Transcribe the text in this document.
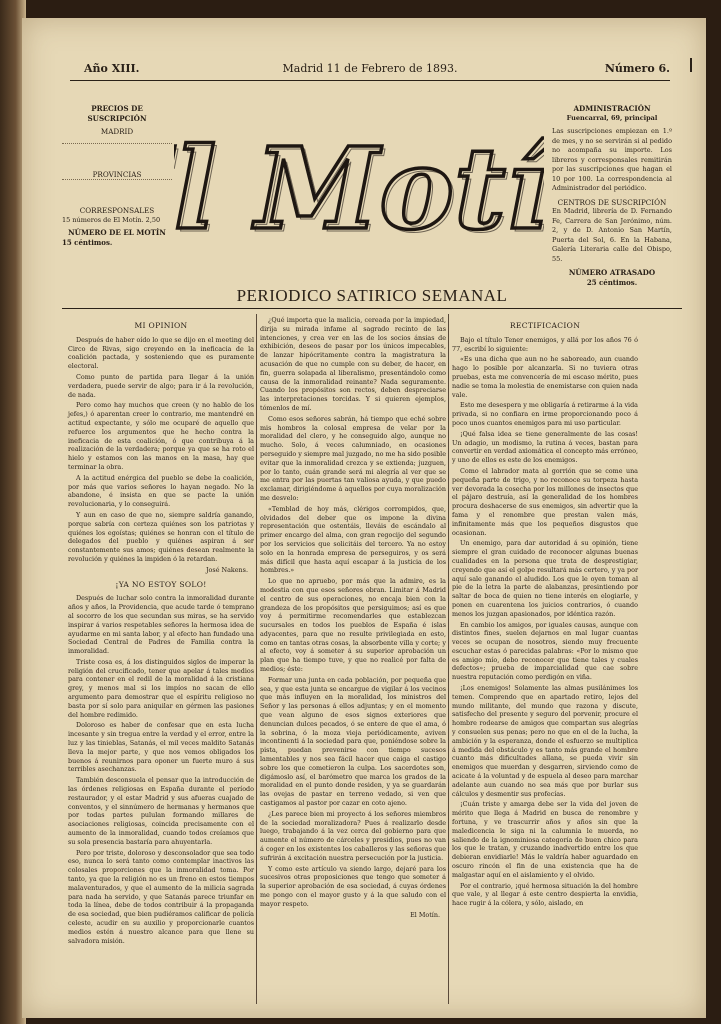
Año XIII.	Madrid 11 de Febrero de 1893.	Número 6.
PRECIOS DE SUSCRIPCIÓN
MADRID
PROVINCIAS
CORRESPONSALES
15 números de El Motín. 2,50
NÚMERO DE EL MOTÍN
15 céntimos. l Motí
l Mot
ADMINISTRACIÓN
Fuencarral, 69, principal
Las suscripciones empiezan en 1.º de mes, y no se servirán si al pedido no acompaña su importe. Los libreros y corresponsales remitirán por las suscripciones que hagan el 10 por 100. La correspondencia al Administrador del periódico.
CENTROS DE SUSCRIPCIÓN
En Madrid, librería de D. Fernando Fe, Carrera de San Jerónimo, núm. 2, y de D. Antonio San Martín, Puerta del Sol, 6. En la Habana, Galería Literaria calle del Obispo, 55.
NÚMERO ATRASADO
25 céntimos.
PERIODICO SATIRICO SEMANAL
MI OPINION

Después de haber oído lo que se dijo en el meeting del Circo de Rivas, sigo creyendo en la ineficacia de la coalición pactada, y sosteniendo que es puramente electoral.

Como punto de partida para llegar á la unión verdadera, puede servir de algo; para ir á la revolución, de nada.

Pero como hay muchos que creen (y no hablo de los jefes,) ó aparentan creer lo contrario, me mantendré en actitud expectante, y sólo me ocuparé de aquello que refuerce los argumentos que he hecho contra la ineficacia de esta coalición, ó que contribuya á la realización de la verdadera; porque ya que se ha roto el hielo y estamos con las manos en la masa, hay que terminar la obra.

A la actitud enérgica del pueblo se debe la coalición, por más que varios señores lo hayan negado. No la abandone, é insista en que se pacte la unión revolucionaria, y lo conseguirá.

Y aun en caso de que no, siempre saldría ganando, porque sabría con certeza quiénes son los patriotas y quiénes los egoístas; quiénes se honran con el título de delegados del pueblo y quiénes aspiran á ser constantemente sus amos; quiénes desean realmente la revolución y quiénes la impiden ó la retardan.

José Nakens.
¡YA NO ESTOY SOLO!

Después de luchar solo contra la inmoralidad durante años y años, la Providencia, que acude tarde ó temprano al socorro de los que secundan sus miras, se ha servido inspirar á varios respetables señores la hermosa idea de ayudarme en mi santa labor, y al efecto han fundado una Sociedad Central de Padres de Familia contra la inmoralidad.

Triste cosa es, á los distinguidos siglos de imperar la religión del crucificado, tener que apelar á tales medios para contener en el redil de la moralidad á la cristiana grey, y menos mal si los impíos no sacan de ello argumento para demostrar que el espíritu religioso no basta por sí solo para aniquilar en gérmen las pasiones del hombre redimido.

Doloroso es haber de confesar que en esta lucha incesante y sin tregua entre la verdad y el error, entre la luz y las tinieblas, Satanás, el mil veces maldito Satanás lleva la mejor parte, y que nos vemos obligados los buenos á reunirnos para oponer un fuerte muro á sus terribles asechanzas.

También desconsuela el pensar que la introducción de las órdenes religiosas en España durante el período restaurador, y el estar Madrid y sus afueras cuajado de conventos, y el sinnúmero de hermanas y hermanos que por todas partes pululan formando millares de asociaciones religiosas, coincida precisamente con el aumento de la inmoralidad, cuando todos creíamos que su sola presencia bastaría para ahuyentarla.

Pero por triste, doloroso y desconsolador que sea todo eso, nunca lo será tanto como contemplar inactivos las colosales proporciones que la inmoralidad toma. Por tanto, ya que la religión no es un freno en estos tiempos malaventurados, y que el aumento de la milicia sagrada para nada ha servido, y que Satanás parece triunfar en toda la línea, debe de todos contribuir á la propaganda de esa sociedad, que bien pudiéramos calificar de policía celeste, acudir en su auxilio y proporcionarle cuantos medios estén á nuestro alcance para que llene su salvadora misión.

¿Qué importa que la malicia, cereada por la impiedad, dirija su mirada infame al sagrado recinto de las intenciones, y crea ver en las de los socios ánsias de exhibición, deseos de pasar por los únicos impecables, de lanzar hipócritamente contra la magistratura la acusación de que no cumple con su deber, de hacer, en fin, guerra solapada al liberalismo, presentándolo como causa de la inmoralidad reinante? Nada seguramente. Cuando los propósitos son rectos, deben despreciarse las interpretaciones torcidas. Y si quieren ejemplos, tómenlos de mí.

Como esos señores sabrán, há tiempo que eché sobre mis hombros la colosal empresa de velar por la moralidad del clero, y he conseguido algo, aunque no mucho. Solo, á veces calumniado, en ocasiones perseguido y siempre mal juzgado, no me ha sido posible evitar que la inmoralidad crezca y se extienda; juzguen, por lo tanto, cuán grande será mi alegría al ver que se me entra por las puertas tan valiosa ayuda, y que puedo exclamar, dirigiéndome á aquellos por cuya moralización me desvelo:

«Temblad de hoy más, clérigos corrompidos, que, olvidados del deber que os impone la divina representación que ostentáis, lleváis de escándalo al primer encargo del alma, con gran regocijo del segundo por los servicios que solicitáis del tercero. Ya no estoy solo en la honrada empresa de perseguiros, y os será más difícil que hasta aquí escapar á la justicia de los hombres.»

Lo que no apruebo, por más que la admire, es la modestia con que esos señores obran. Limitar á Madrid el centro de sus operaciones, no encaja bien con la grandeza de los propósitos que persiguimos; así es que voy á permitirme recomendarles que establezcan sucursales en todos los pueblos de España é islas adyacentes, para que no resulte privilegiada en esto, como en tantas otras cosas, la absorbente villa y corte; y al efecto, voy á someter á su superior aprobación un plan que ha tiempo tuve, y que no realicé por falta de medios; éste:

Formar una junta en cada población, por pequeña que sea, y que esta junta se encargue de vigilar á los vecinos que más influyen en la moralidad, los ministros del Señor y las personas á ellos adjuntas; y en el momento que vean alguno de esos signos exteriores que denuncian dulces pecados, ó se entere de que el ama, ó la sobrina, ó la moza vieja periódicamente, aviven incontinenti á la sociedad para que, poniéndose sobre la pista, puedan prevenirse con tiempo sucesos lamentables y nos sea fácil hacer que caiga el castigo sobre los que cometieron la culpa. Los sacerdotes son, digámoslo así, el barómetro que marca los grados de la moralidad en el punto donde residen, y ya se guardarán las ovejas de pastar en terreno vedado, si ven que castigamos al pastor por cazar en coto ajeno.

¿Les parece bien mi proyecto á los señores miembros de la sociedad moralizadora? Pues á realizarlo desde luego, trabajando á la vez cerca del gobierno para que aumente el número de cárceles y presidios, pues no van á coger en los existentes los caballeros y las señoras que sufrirán á excitación nuestra persecución por la justicia.

Y como este artículo va siendo largo, dejaré para los sucesivos otras proposiciones que tengo que someter á la superior aprobación de esa sociedad, á cuyas órdenes me pongo con el mayor gusto y á la que saludo con el mayor respeto.

El Motín.
RECTIFICACION

Bajo el título Tener enemigos, y allá por los años 76 ó 77, escribí lo siguiente:

«Es una dicha que aun no he saboreado, aun cuando hago lo posible por alcanzarla. Si no tuviera otras pruebas, esta me convencería de mi escaso mérito, pues nadie se toma la molestia de enemistarse con quien nada vale.

Esto me desespera y me obligaría á retirarme á la vida privada, si no confiara en irme proporcionando poco á poco unos cuantos enemigos para mi uso particular.

¡Qué falsa idea se tiene generalmente de las cosas! Un adagio, un modismo, la rutina á veces, bastan para convertir en verdad axiomática el concepto más erróneo, y uno de ellos es este de los enemigos.

Como el labrador mata al gorrión que se come una pequeña parte de trigo, y no reconoce su torpeza hasta ver devorada la cosecha por los millones de insectos que el pájaro destruía, así la generalidad de los hombres procura deshacerse de sus enemigos, sin advertir que la fama y el renombre que prestan valen más, infinitamente más que los pequeños disgustos que ocasionan.

Un enemigo, para dar autoridad á su opinión, tiene siempre el gran cuidado de reconocer algunas buenas cualidades en la persona que trata de desprestigiar, creyendo que así el golpe resultará más certero, y ya por aquí sale ganando el aludido. Los que le oyen toman al pie de la letra la parte de alabanzas, presintiendo por saltar de boca de quien no tiene interés en elogiarle, y ponen en cuarentena los juicios contrarios, ó cuando menos los juzgan apasionados, por idéntica razón.

En cambio los amigos, por iguales causas, aunque con distintos fines, suelen dejarnos en mal lugar cuantas veces se ocupan de nosotros, siendo muy frecuente escuchar estas ó parecidas palabras: «Por lo mismo que es amigo mío, debo reconocer que tiene tales y cuales defectos»; prueba de imparcialidad que cae sobre nuestra reputación como perdigón en viña.

¡Los enemigos! Solamente las almas pusilánimes los temen. Comprendo que en apartado retiro, lejos del mundo militante, del mundo que razona y discute, satisfecho del presente y seguro del porvenir, procure el hombre rodearse de amigos que compartan sus alegrías y consuelen sus penas; pero no que en el de la lucha, la ambición y la esperanza, donde el esfuerzo se multiplica á medida del obstáculo y es tanto más grande el hombre cuanto más dificultades allana, se pueda vivir sin enemigos que muerdan y desgarren, sirviendo como de acicate á la voluntad y de espuela al deseo para marchar adelante aun cuando no sea más que por burlar sus cálculos y desmentir sus profecías.

¡Cuán triste y amarga debe ser la vida del joven de mérito que llega á Madrid en busca de renombre y fortuna, y ve trascurrir años y años sin que la maledicencia le siga ni la calumnia le muerda, no saliendo de la ignominiosa categoría de buen chico para los que le tratan, y cruzando inadvertido entre los que debieran envidiarle! Más le valdría haber aguardado en oscuro rincón el fin de una existencia que ha de malgastar aquí en el aislamiento y el olvido.

Por el contrario, ¡qué hermosa situación la del hombre que vale, y al llegar á este centro despierta la envidia, hace rugir á la cólera, y sólo, aislado, en
